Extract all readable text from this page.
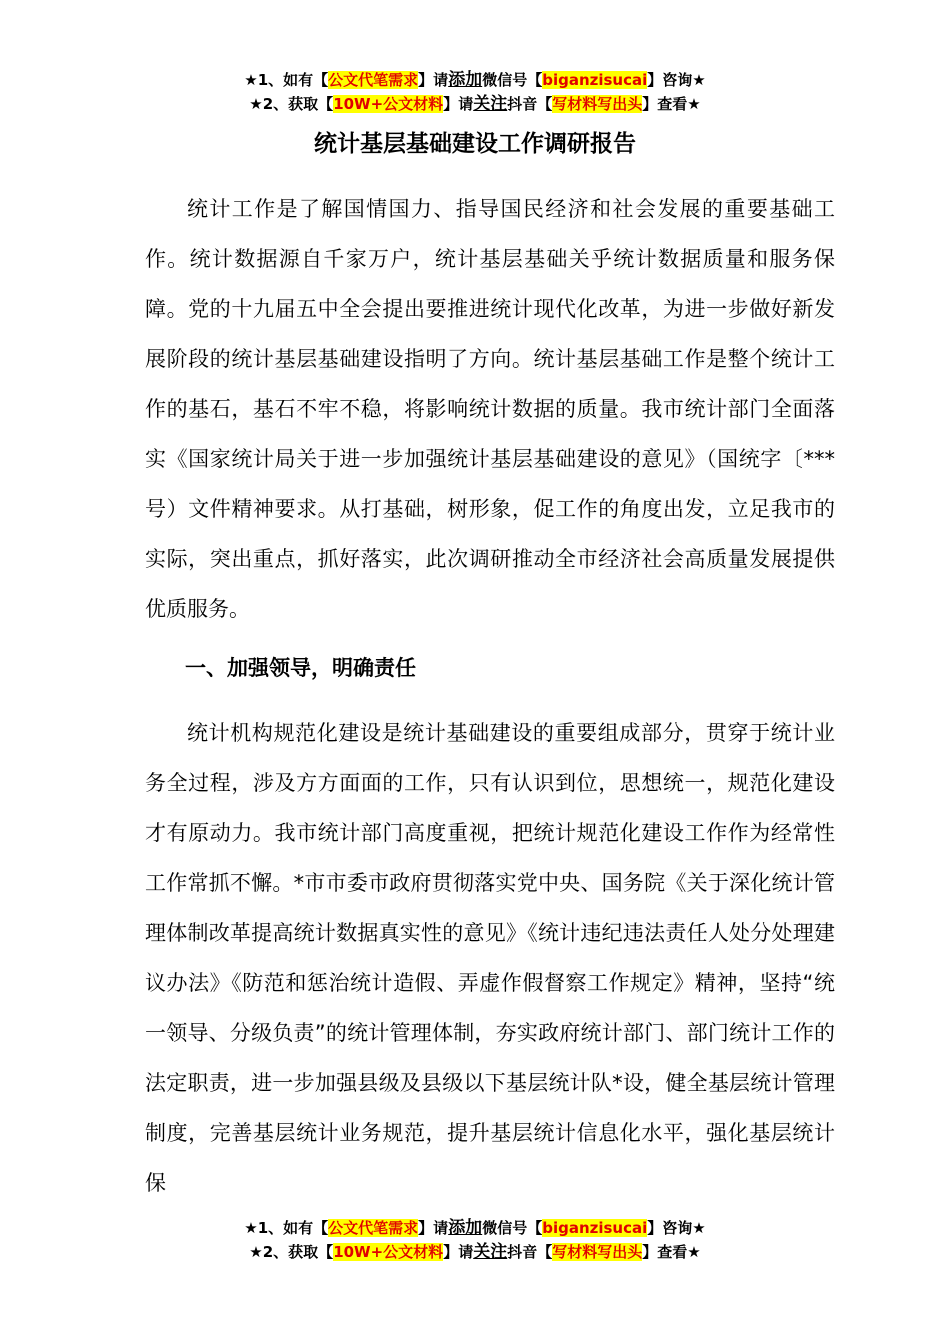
★1、如有【公文代笔需求】请添加微信号【biganzisucai】咨询★
★2、获取【10W+公文材料】请关注抖音【写材料写出头】查看★
统计基层基础建设工作调研报告

统计工作是了解国情国力、指导国民经济和社会发展的重要基础工作。统计数据源自千家万户，统计基层基础关乎统计数据质量和服务保障。党的十九届五中全会提出要推进统计现代化改革，为进一步做好新发展阶段的统计基层基础建设指明了方向。统计基层基础工作是整个统计工作的基石，基石不牢不稳，将影响统计数据的质量。我市统计部门全面落实《国家统计局关于进一步加强统计基层基础建设的意见》（国统字〔***号）文件精神要求。从打基础，树形象，促工作的角度出发，立足我市的实际，突出重点，抓好落实，此次调研推动全市经济社会高质量发展提供优质服务。

一、加强领导，明确责任

统计机构规范化建设是统计基础建设的重要组成部分，贯穿于统计业务全过程，涉及方方面面的工作，只有认识到位，思想统一，规范化建设才有原动力。我市统计部门高度重视，把统计规范化建设工作作为经常性工作常抓不懈。*市市委市政府贯彻落实党中央、国务院《关于深化统计管理体制改革提高统计数据真实性的意见》《统计违纪违法责任人处分处理建议办法》《防范和惩治统计造假、弄虚作假督察工作规定》精神，坚持“统一领导、分级负责”的统计管理体制，夯实政府统计部门、部门统计工作的法定职责，进一步加强县级及县级以下基层统计队*设，健全基层统计管理制度，完善基层统计业务规范，提升基层统计信息化水平，强化基层统计保

★1、如有【公文代笔需求】请添加微信号【biganzisucai】咨询★
★2、获取【10W+公文材料】请关注抖音【写材料写出头】查看★
